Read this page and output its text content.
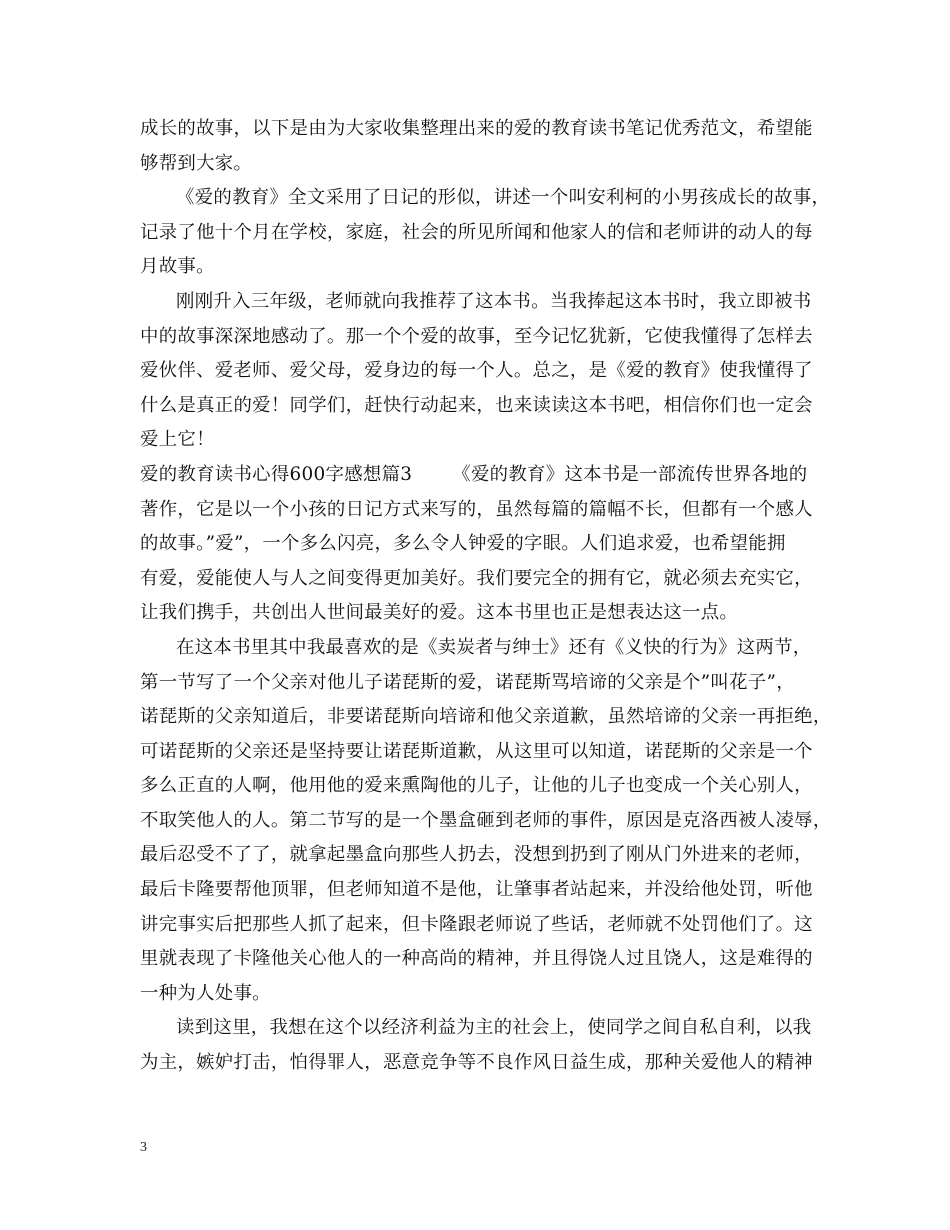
成长的故事，以下是由为大家收集整理出来的爱的教育读书笔记优秀范文，希望能
够帮到大家。
《爱的教育》全文采用了日记的形似，讲述一个叫安利柯的小男孩成长的故事，
记录了他十个月在学校，家庭，社会的所见所闻和他家人的信和老师讲的动人的每
月故事。
刚刚升入三年级，老师就向我推荐了这本书。当我捧起这本书时，我立即被书
中的故事深深地感动了。那一个个爱的故事，至今记忆犹新，它使我懂得了怎样去
爱伙伴、爱老师、爱父母，爱身边的每一个人。总之，是《爱的教育》使我懂得了
什么是真正的爱！同学们，赶快行动起来，也来读读这本书吧，相信你们也一定会
爱上它！
爱的教育读书心得600字感想篇3 《爱的教育》这本书是一部流传世界各地的
著作，它是以一个小孩的日记方式来写的，虽然每篇的篇幅不长，但都有一个感人
的故事。”爱”，一个多么闪亮，多么令人钟爱的字眼。人们追求爱，也希望能拥
有爱，爱能使人与人之间变得更加美好。我们要完全的拥有它，就必须去充实它，
让我们携手，共创出人世间最美好的爱。这本书里也正是想表达这一点。
在这本书里其中我最喜欢的是《卖炭者与绅士》还有《义快的行为》这两节，
第一节写了一个父亲对他儿子诺琵斯的爱，诺琵斯骂培谛的父亲是个”叫花子”，
诺琵斯的父亲知道后，非要诺琵斯向培谛和他父亲道歉，虽然培谛的父亲一再拒绝，
可诺琵斯的父亲还是坚持要让诺琵斯道歉，从这里可以知道，诺琵斯的父亲是一个
多么正直的人啊，他用他的爱来熏陶他的儿子，让他的儿子也变成一个关心别人，
不取笑他人的人。第二节写的是一个墨盒砸到老师的事件，原因是克洛西被人凌辱，
最后忍受不了了，就拿起墨盒向那些人扔去，没想到扔到了刚从门外进来的老师，
最后卡隆要帮他顶罪，但老师知道不是他，让肇事者站起来，并没给他处罚，听他
讲完事实后把那些人抓了起来，但卡隆跟老师说了些话，老师就不处罚他们了。这
里就表现了卡隆他关心他人的一种高尚的精神，并且得饶人过且饶人，这是难得的
一种为人处事。
读到这里，我想在这个以经济利益为主的社会上，使同学之间自私自利，以我
为主，嫉妒打击，怕得罪人，恶意竞争等不良作风日益生成，那种关爱他人的精神
3
